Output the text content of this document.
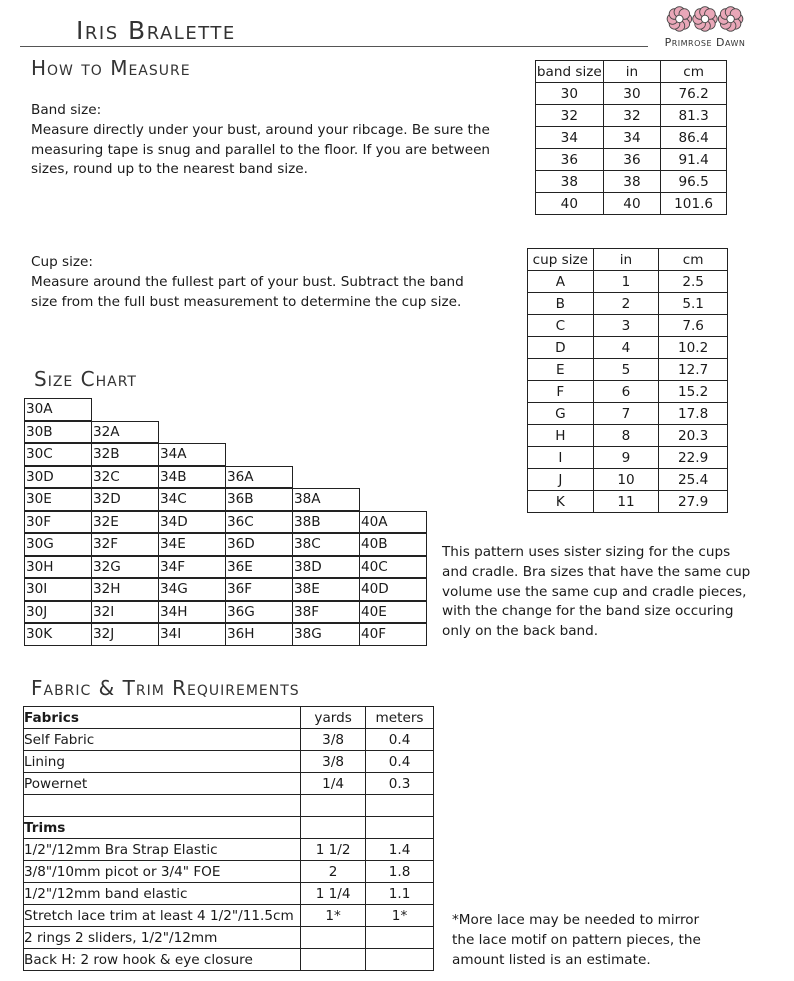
Iris Bralette	Primrose Dawn
How to Measure
Band size:
Measure directly under your bust, around your ribcage. Be sure the
measuring tape is snug and parallel to the floor. If you are between
sizes, round up to the nearest band size.
Cup size:
Measure around the fullest part of your bust. Subtract the band
size from the full bust measurement to determine the cup size.
band size	in	cm
30	30	76.2
32	32	81.3
34	34	86.4
36	36	91.4
38	38	96.5
40	40	101.6
cup size	in	cm
A	1	2.5
B	2	5.1
C	3	7.6
D	4	10.2
E	5	12.7
F	6	15.2
G	7	17.8
H	8	20.3
I	9	22.9
J	10	25.4
K	11	27.9
Size Chart
30A
30B	32A
30C	32B	34A
30D	32C	34B	36A
30E	32D	34C	36B	38A
30F	32E	34D	36C	38B	40A
30G	32F	34E	36D	38C	40B
30H	32G	34F	36E	38D	40C
30I	32H	34G	36F	38E	40D
30J	32I	34H	36G	38F	40E
30K	32J	34I	36H	38G	40F
This pattern uses sister sizing for the cups
and cradle. Bra sizes that have the same cup
volume use the same cup and cradle pieces,
with the change for the band size occuring
only on the back band.
Fabric & Trim Requirements
Fabrics	yards	meters
Self Fabric	3/8	0.4
Lining	3/8	0.4
Powernet	1/4	0.3

Trims		
1/2"/12mm Bra Strap Elastic	1 1/2	1.4
3/8"/10mm picot or 3/4" FOE	2	1.8
1/2"/12mm band elastic	1 1/4	1.1
Stretch lace trim at least 4 1/2"/11.5cm	1*	1*
2 rings 2 sliders, 1/2"/12mm		
Back H: 2 row hook & eye closure		
*More lace may be needed to mirror
the lace motif on pattern pieces, the
amount listed is an estimate.
